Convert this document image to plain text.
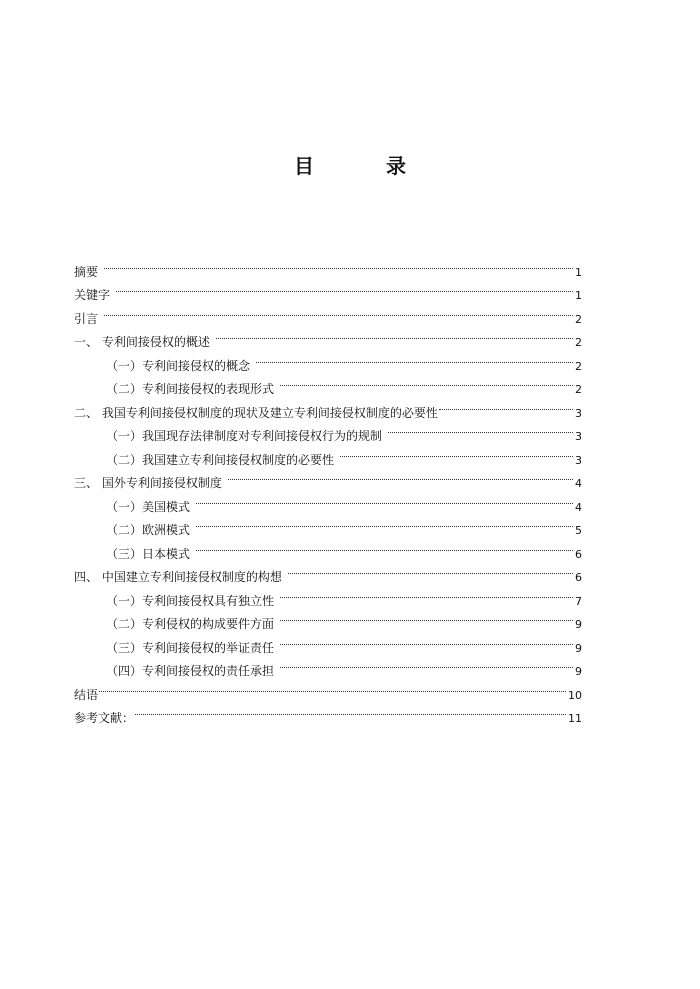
目　录
摘要	1
关键字	1
引言	2
一、 专利间接侵权的概述	2
（一）专利间接侵权的概念	2
（二）专利间接侵权的表现形式	2
二、 我国专利间接侵权制度的现状及建立专利间接侵权制度的必要性	3
（一）我国现存法律制度对专利间接侵权行为的规制	3
（二）我国建立专利间接侵权制度的必要性	3
三、 国外专利间接侵权制度	4
（一）美国模式	4
（二）欧洲模式	5
（三）日本模式	6
四、 中国建立专利间接侵权制度的构想	6
（一）专利间接侵权具有独立性	7
（二）专利侵权的构成要件方面	9
（三）专利间接侵权的举证责任	9
（四）专利间接侵权的责任承担	9
结语	10
参考文献：	11
